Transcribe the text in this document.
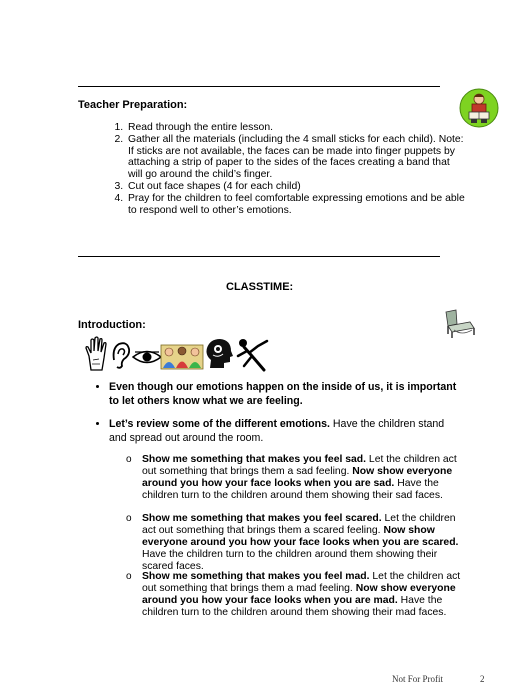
Teacher Preparation:
1. Read through the entire lesson.
2. Gather all the materials (including the 4 small sticks for each child). Note: If sticks are not available, the faces can be made into finger puppets by attaching a strip of paper to the sides of the faces creating a band that will go around the child’s finger.
3. Cut out face shapes (4 for each child)
4. Pray for the children to feel comfortable expressing emotions and be able to respond well to other’s emotions.
CLASSTIME:
Introduction:
• Even though our emotions happen on the inside of us, it is important to let others know what we are feeling.
• Let’s review some of the different emotions. Have the children stand and spread out around the room.
o Show me something that makes you feel sad. Let the children act out something that brings them a sad feeling. Now show everyone around you how your face looks when you are sad. Have the children turn to the children around them showing their sad faces.
o Show me something that makes you feel scared. Let the children act out something that brings them a scared feeling. Now show everyone around you how your face looks when you are scared. Have the children turn to the children around them showing their scared faces.
o Show me something that makes you feel mad. Let the children act out something that brings them a mad feeling. Now show everyone around you how your face looks when you are mad. Have the children turn to the children around them showing their mad faces.
Not For Profit	2
